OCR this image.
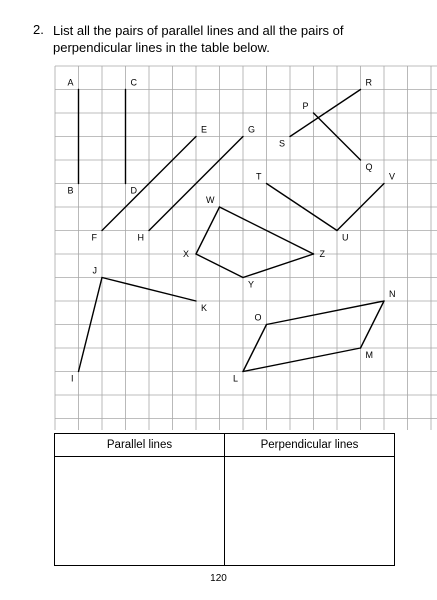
2. List all the pairs of parallel lines and all the pairs of
perpendicular lines in the table below.
A
B
C
D
E
F
G
H
R
P
Q
S
T
U
V
W
X
Y
Z
J
K
I
O
N
M
L
Parallel lines	Perpendicular lines

120
